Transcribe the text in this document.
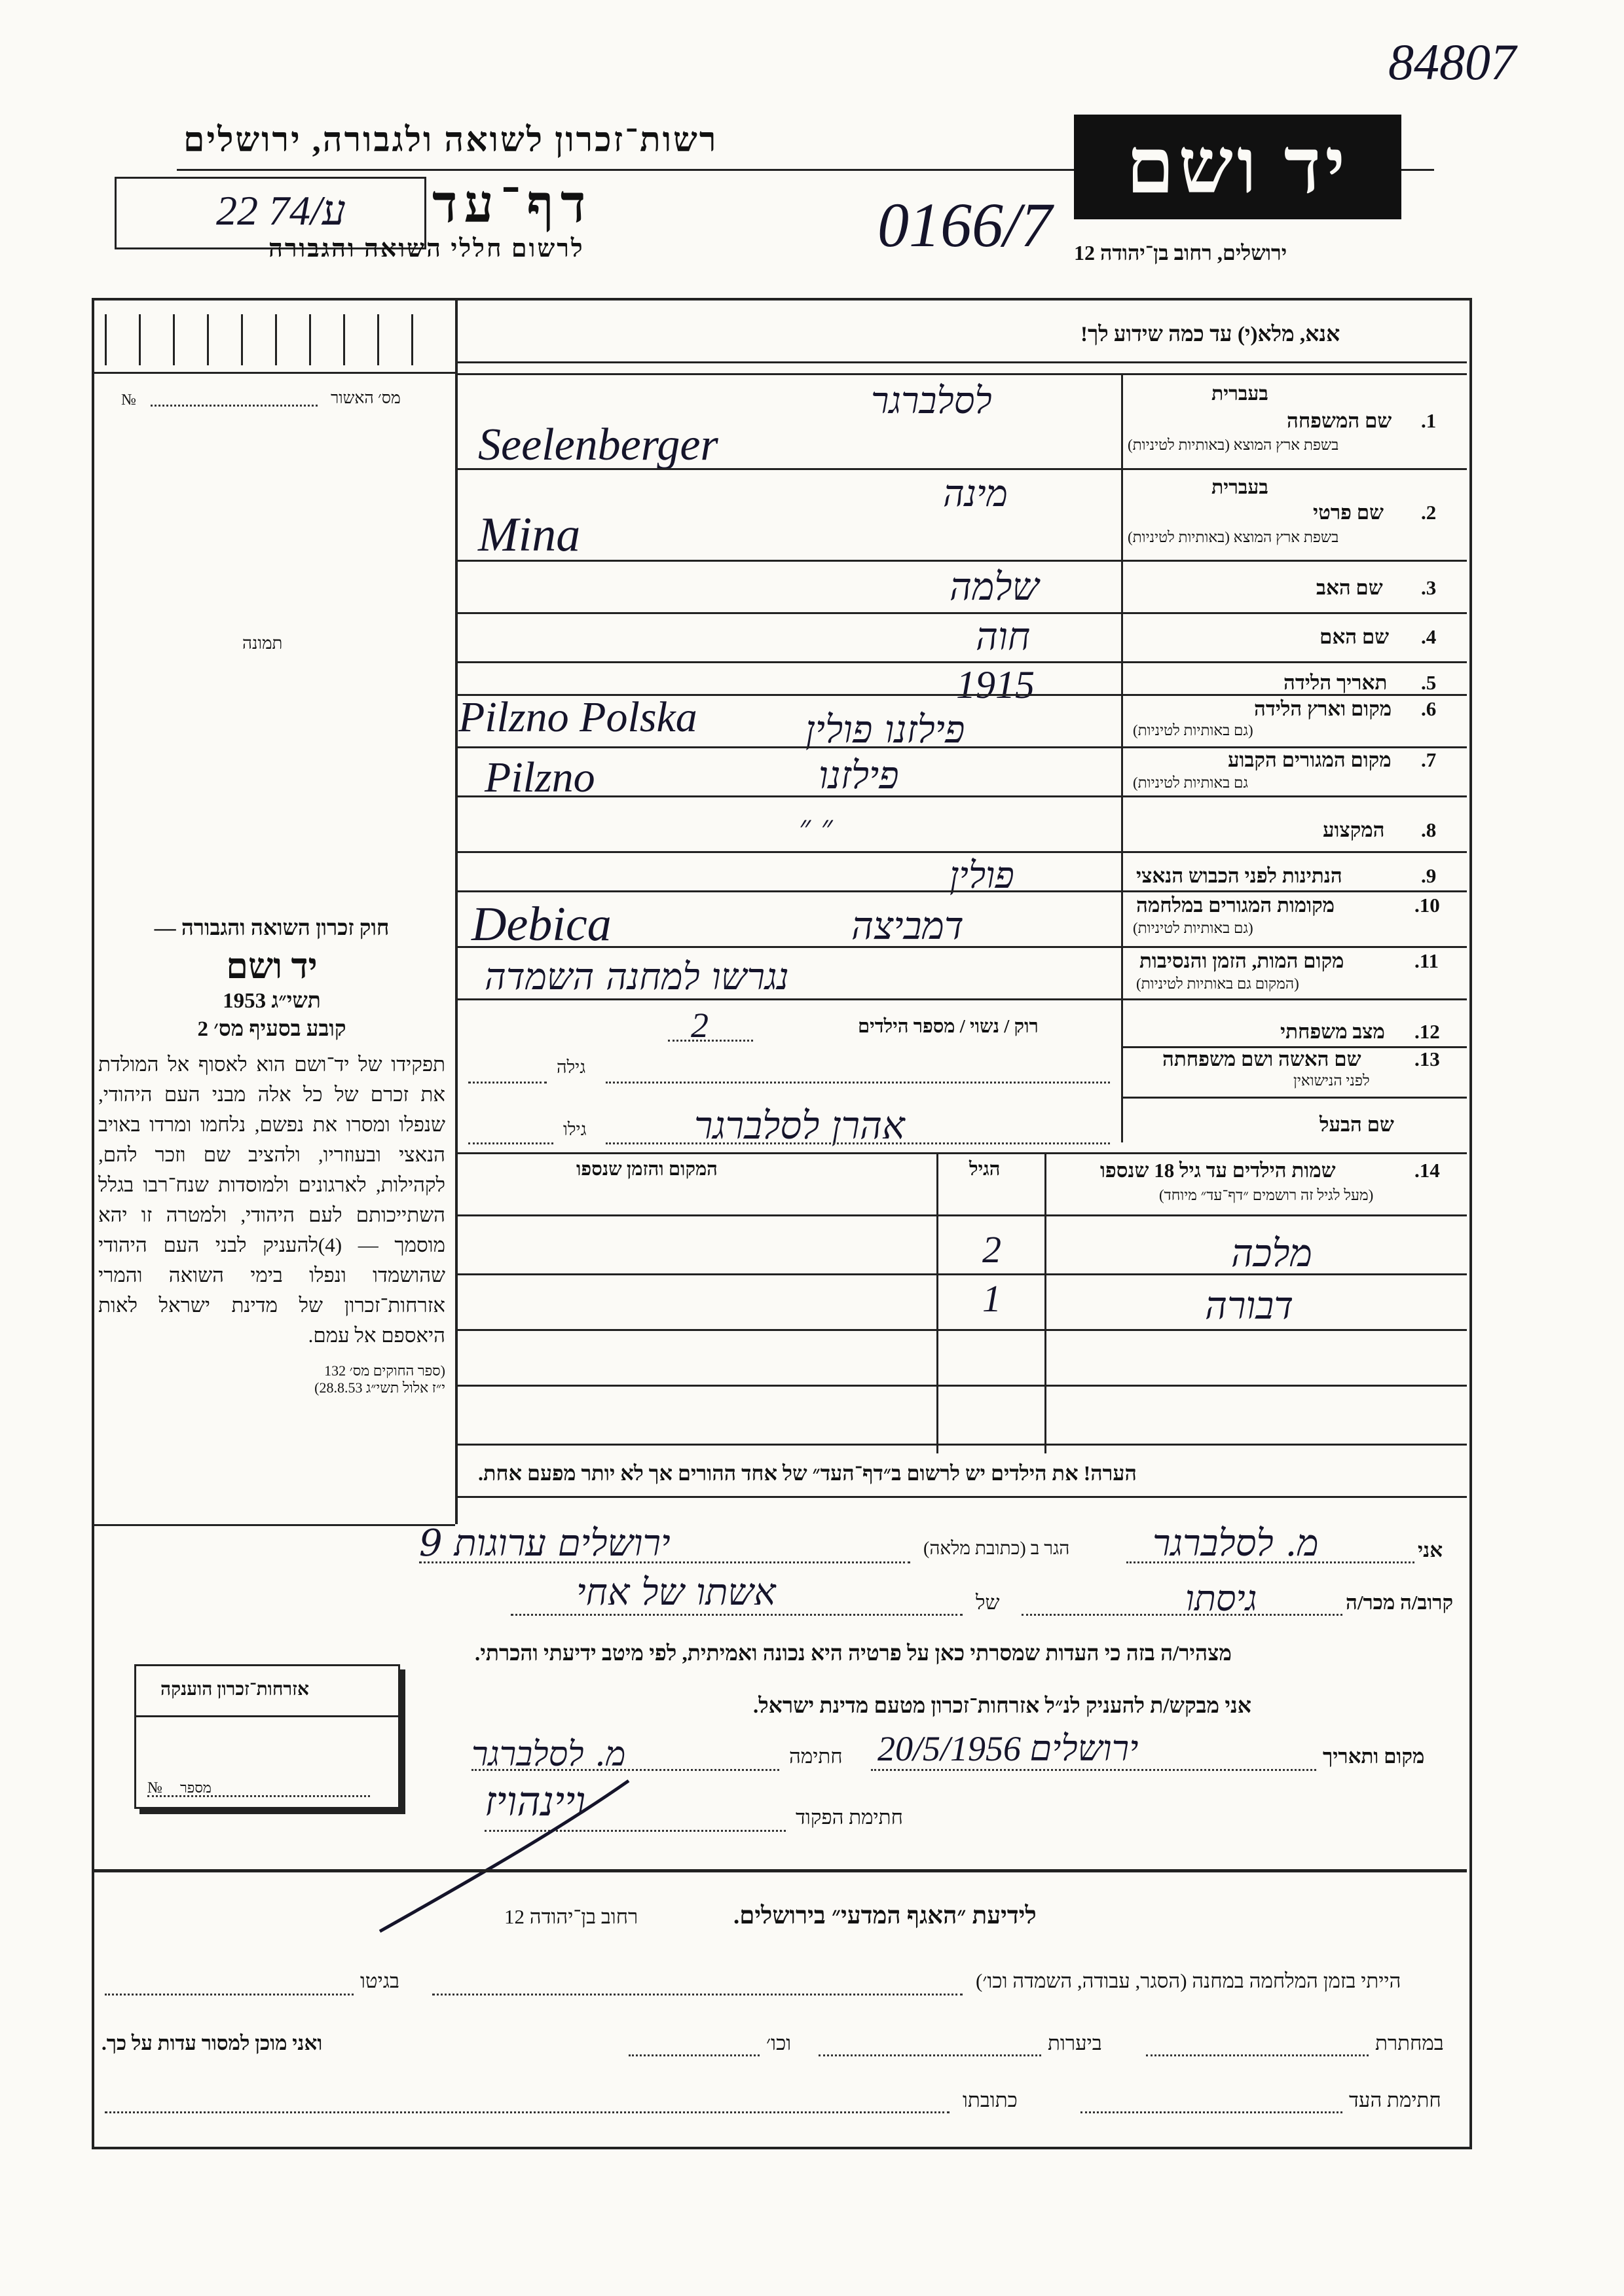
84807
רשות־זכרון לשואה ולגבורה, ירושלים	יד ושם
ירושלים, רחוב בן־יהודה 12
22 74/ע דף־עד
לרשום חללי השואה והגבורה	0166/7
אנא, מלא(י) עד כמה שידוע לך!
מס׳ האשור
№
תמונה
חוק זכרון השואה והגבורה —
יד ושם
תשי״ג 1953
קובע בסעיף מס׳ 2
תפקידו של יד־ושם הוא לאסוף אל המולדת את זכרם של כל אלה מבני העם היהודי, שנפלו ומסרו את נפשם, נלחמו ומרדו באויב הנאצי ובעוזריו, ולהציב שם וזכר להם, לקהילות, לארגונים ולמוסדות שנח־רבו בגלל השתייכותם לעם היהודי, ולמטרה זו יהא מוסמך — (4)להעניק לבני העם היהודי שהושמדו ונפלו בימי השואה והמרי אזרחות־זכרון של מדינת ישראל לאות היאספם אל עמם.
(ספר החוקים מס׳ 132
י״ז אלול תשי״ג 28.8.53)
בעברית
1.
שם המשפחה
בשפת ארץ המוצא (באותיות לטיניות)
לסלברגר
Seelenberger
בעברית
2.
שם פרטי
בשפת ארץ המוצא (באותיות לטיניות)
מינה
Mina
3.
שם האב
שלמה
4.
שם האם
חוה
5.
תאריך הלידה
1915
6.
מקום וארץ הלידה
(גם באותיות לטיניות)
פילזנו פולין
Pilzno Polska
7.
מקום המגורים הקבוע
גם באותיות לטיניות)
פילזנו
Pilzno
8.
המקצוע
״ ״
9.
הנתינות לפני הכבוש הנאצי
פולין
10.
מקומות המגורים במלחמה
(גם באותיות לטיניות)
דמביצה
Debica
11.
מקום המות, הזמן והנסיבות
(המקום גם באותיות לטיניות)
נגרשו למחנה השמדה
12.
מצב משפחתי
רוק / נשוי / מספר הילדים
2
13.
שם האשה ושם משפחתה
לפני הנישואין
גילה
שם הבעל
אהרן לסלברגר
גילו
14.
שמות הילדים עד גיל 18 שנספו
(מעל לגיל זה רושמים ״דף־עד״ מיוחד)
הגיל
המקום והזמן שנספו
מלכה
2
דבורה
1
הערה! את הילדים יש לרשום ב״דף־העד״ של אחד ההורים אך לא יותר מפעם אחת.
אני
מ. לסלברגר
הגר ב (כתובת מלאה)
ירושלים ערוגות 9
קרוב/ה מכר/ה
גיסתו
של
אשתו של אחי
מצהיר/ה בזה כי העדות שמסרתי כאן על פרטיה היא נכונה ואמיתית, לפי מיטב ידיעתי והכרתי.
אני מבקש/ת להעניק לנ״ל אזרחות־זכרון מטעם מדינת ישראל.
מקום ותאריך
ירושלים 20/5/1956
חתימה
מ. לסלברגר
חתימת הפקוד
ויינהויז
אזרחות־זכרון הוענקה
מספר
№
לידיעת ״האגף המדעי״ בירושלים.
רחוב בן־יהודה 12
הייתי בזמן המלחמה במחנה (הסגר, עבודה, השמדה וכו׳)
בגיטו
במחתרת
ביערות
וכו׳
ואני מוכן למסור עדות על כך.
חתימת העד
כתובתו
